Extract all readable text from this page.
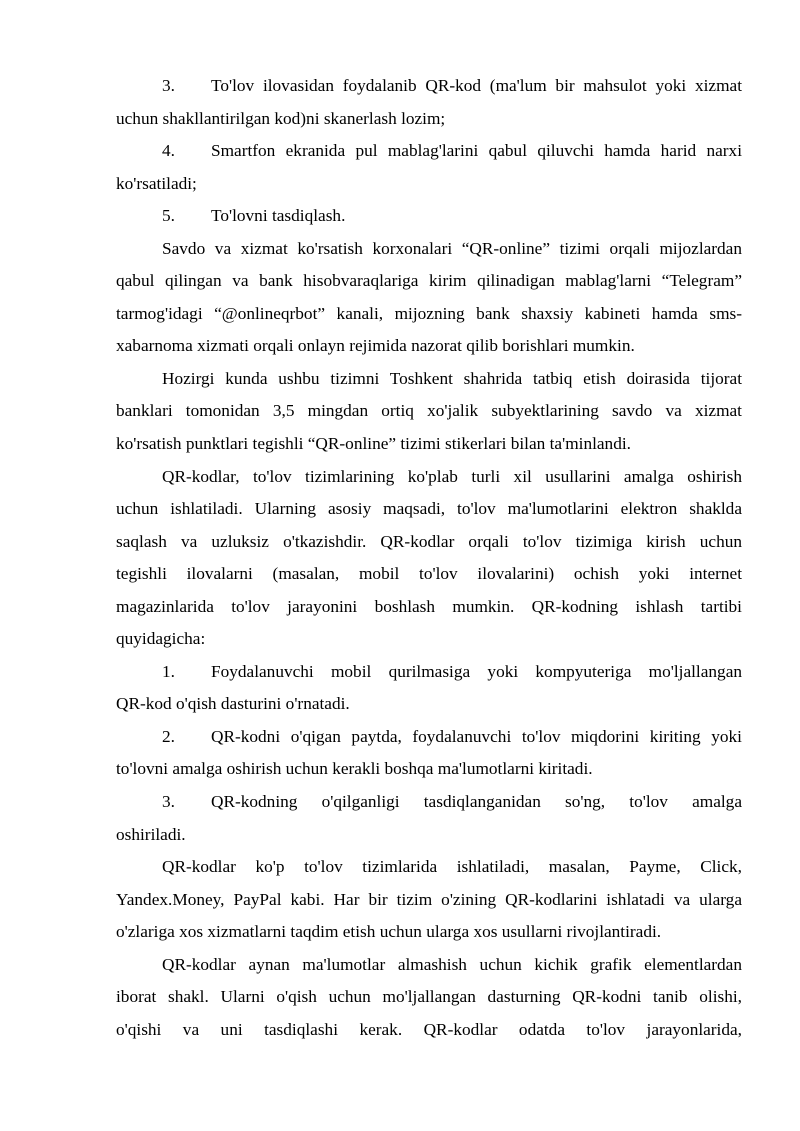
3. To'lov ilovasidan foydalanib QR-kod (ma'lum bir mahsulot yoki xizmat
uchun shakllantirilgan kod)ni skanerlash lozim;
4. Smartfon ekranida pul mablag'larini qabul qiluvchi hamda harid narxi
ko'rsatiladi;
5. To'lovni tasdiqlash.
Savdo va xizmat ko'rsatish korxonalari “QR-online” tizimi orqali mijozlardan
qabul qilingan va bank hisobvaraqlariga kirim qilinadigan mablag'larni “Telegram”
tarmog'idagi “@onlineqrbot” kanali, mijozning bank shaxsiy kabineti hamda sms-
xabarnoma xizmati orqali onlayn rejimida nazorat qilib borishlari mumkin.
Hozirgi kunda ushbu tizimni Toshkent shahrida tatbiq etish doirasida tijorat
banklari tomonidan 3,5 mingdan ortiq xo'jalik subyektlarining savdo va xizmat
ko'rsatish punktlari tegishli “QR-online” tizimi stikerlari bilan ta'minlandi.
QR-kodlar, to'lov tizimlarining ko'plab turli xil usullarini amalga oshirish
uchun ishlatiladi. Ularning asosiy maqsadi, to'lov ma'lumotlarini elektron shaklda
saqlash va uzluksiz o'tkazishdir. QR-kodlar orqali to'lov tizimiga kirish uchun
tegishli ilovalarni (masalan, mobil to'lov ilovalarini) ochish yoki internet
magazinlarida to'lov jarayonini boshlash mumkin. QR-kodning ishlash tartibi
quyidagicha:
1. Foydalanuvchi mobil qurilmasiga yoki kompyuteriga mo'ljallangan
QR-kod o'qish dasturini o'rnatadi.
2. QR-kodni o'qigan paytda, foydalanuvchi to'lov miqdorini kiriting yoki
to'lovni amalga oshirish uchun kerakli boshqa ma'lumotlarni kiritadi.
3. QR-kodning o'qilganligi tasdiqlanganidan so'ng, to'lov amalga
oshiriladi.
QR-kodlar ko'p to'lov tizimlarida ishlatiladi, masalan, Payme, Click,
Yandex.Money, PayPal kabi. Har bir tizim o'zining QR-kodlarini ishlatadi va ularga
o'zlariga xos xizmatlarni taqdim etish uchun ularga xos usullarni rivojlantiradi.
QR-kodlar aynan ma'lumotlar almashish uchun kichik grafik elementlardan
iborat shakl. Ularni o'qish uchun mo'ljallangan dasturning QR-kodni tanib olishi,
o'qishi va uni tasdiqlashi kerak. QR-kodlar odatda to'lov jarayonlarida,
